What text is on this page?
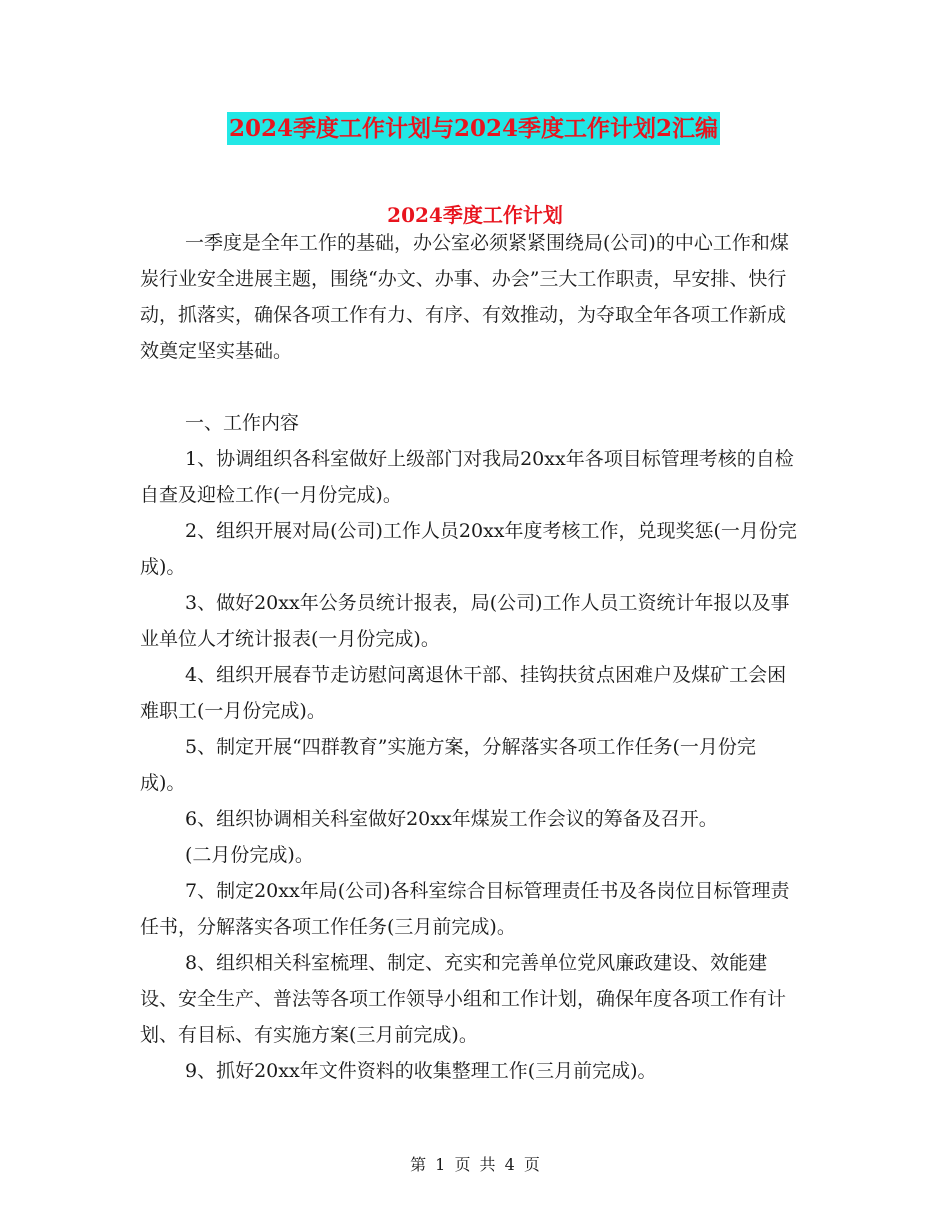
2024季度工作计划与2024季度工作计划2汇编
2024季度工作计划

一季度是全年工作的基础，办公室必须紧紧围绕局(公司)的中心工作和煤炭行业安全进展主题，围绕“办文、办事、办会”三大工作职责，早安排、快行动，抓落实，确保各项工作有力、有序、有效推动，为夺取全年各项工作新成效奠定坚实基础。

一、工作内容

1、协调组织各科室做好上级部门对我局20xx年各项目标管理考核的自检自查及迎检工作(一月份完成)。

2、组织开展对局(公司)工作人员20xx年度考核工作，兑现奖惩(一月份完成)。

3、做好20xx年公务员统计报表，局(公司)工作人员工资统计年报以及事业单位人才统计报表(一月份完成)。

4、组织开展春节走访慰问离退休干部、挂钩扶贫点困难户及煤矿工会困难职工(一月份完成)。

5、制定开展“四群教育”实施方案，分解落实各项工作任务(一月份完成)。

6、组织协调相关科室做好20xx年煤炭工作会议的筹备及召开。
(二月份完成)。

7、制定20xx年局(公司)各科室综合目标管理责任书及各岗位目标管理责任书，分解落实各项工作任务(三月前完成)。

8、组织相关科室梳理、制定、充实和完善单位党风廉政建设、效能建设、安全生产、普法等各项工作领导小组和工作计划，确保年度各项工作有计划、有目标、有实施方案(三月前完成)。

9、抓好20xx年文件资料的收集整理工作(三月前完成)。
第 1 页 共 4 页
